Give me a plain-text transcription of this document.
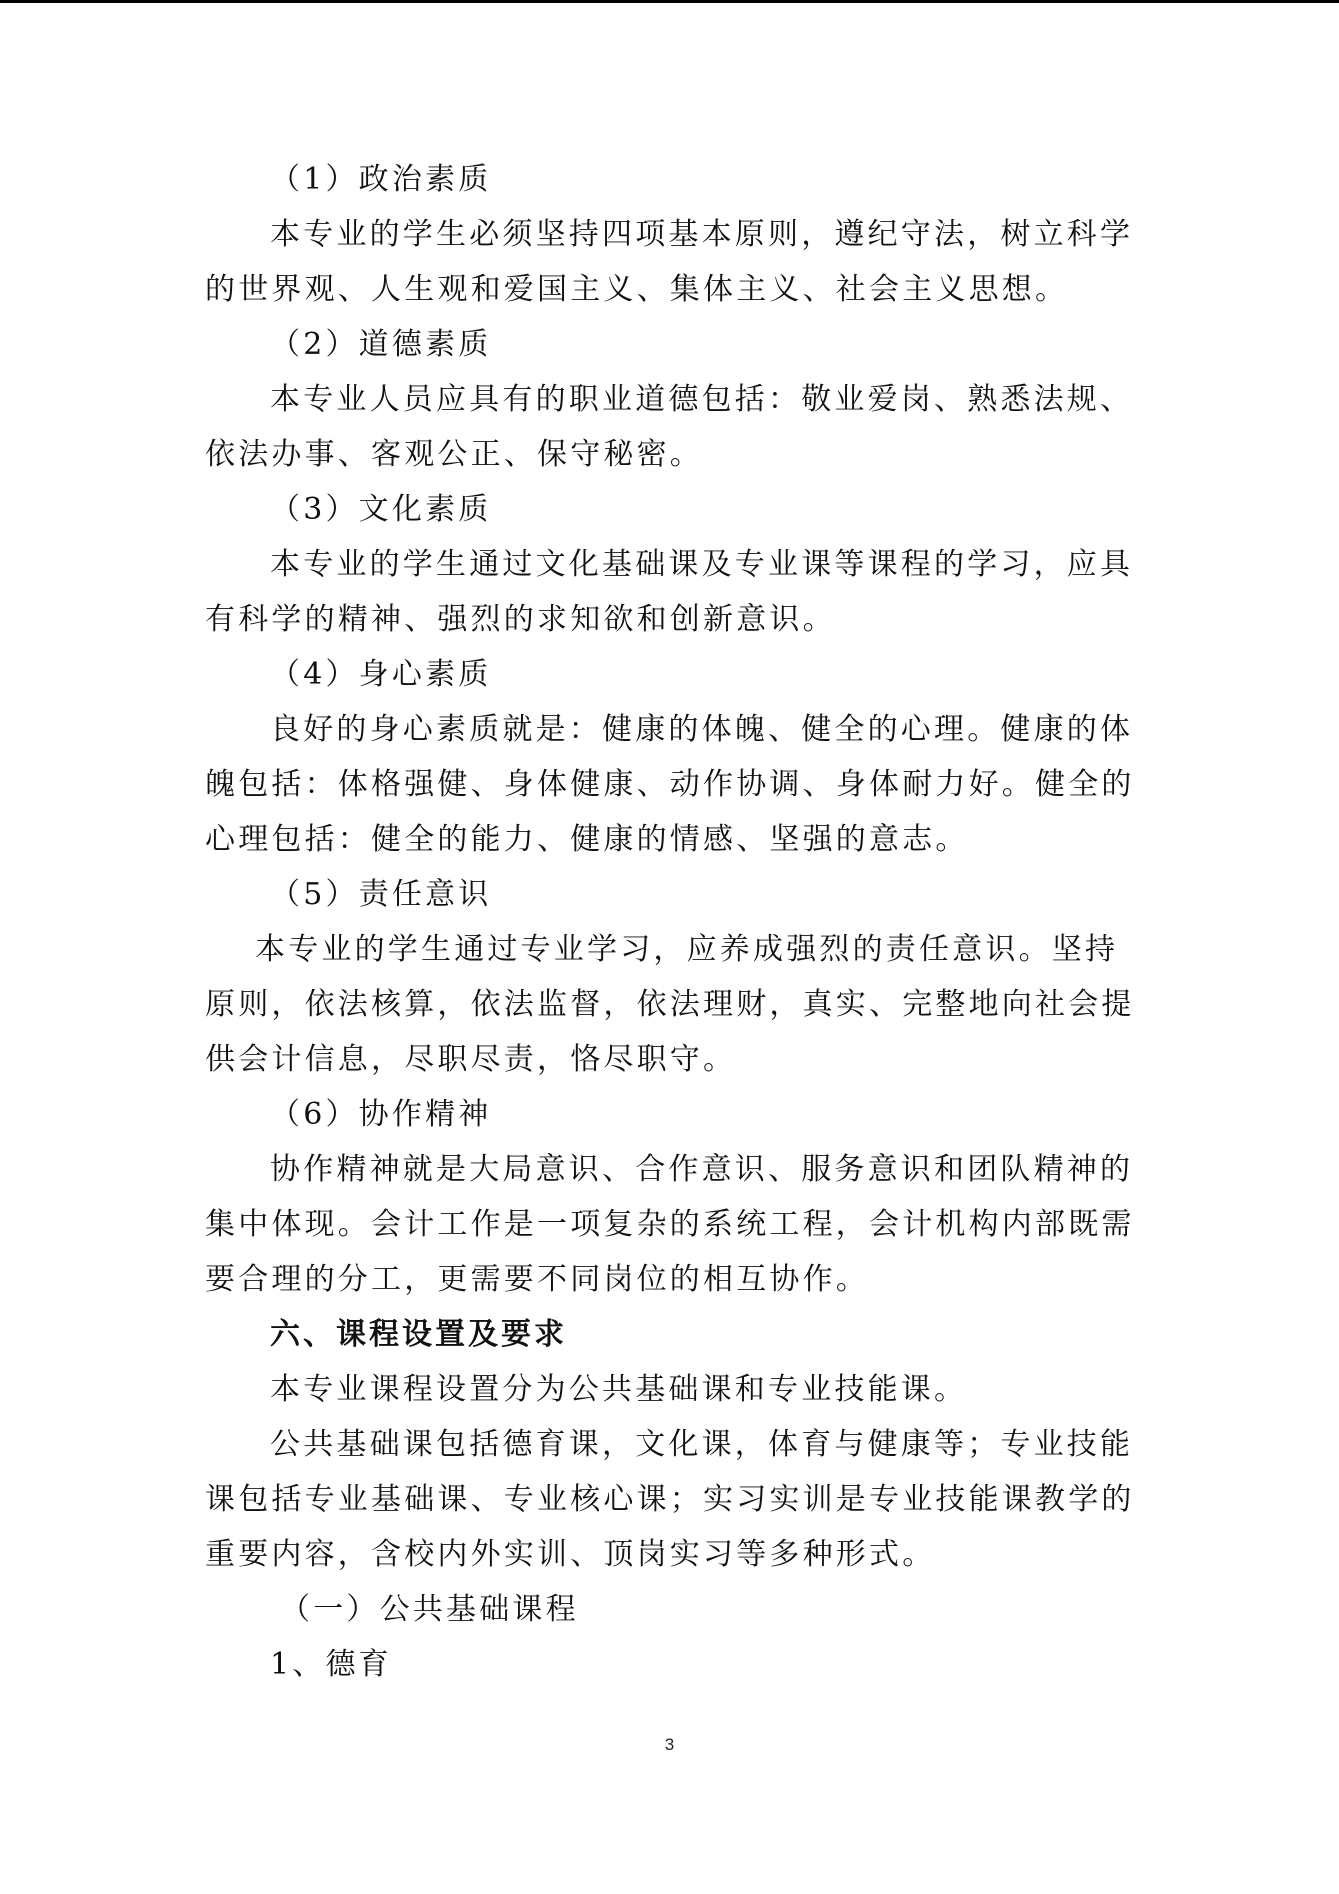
（1）政治素质
本专业的学生必须坚持四项基本原则，遵纪守法，树立科学
的世界观、人生观和爱国主义、集体主义、社会主义思想。
（2）道德素质
本专业人员应具有的职业道德包括：敬业爱岗、熟悉法规、
依法办事、客观公正、保守秘密。
（3）文化素质
本专业的学生通过文化基础课及专业课等课程的学习，应具
有科学的精神、强烈的求知欲和创新意识。
（4）身心素质
良好的身心素质就是：健康的体魄、健全的心理。健康的体
魄包括：体格强健、身体健康、动作协调、身体耐力好。健全的
心理包括：健全的能力、健康的情感、坚强的意志。
（5）责任意识
本专业的学生通过专业学习，应养成强烈的责任意识。坚持
原则，依法核算，依法监督，依法理财，真实、完整地向社会提
供会计信息，尽职尽责，恪尽职守。
（6）协作精神
协作精神就是大局意识、合作意识、服务意识和团队精神的
集中体现。会计工作是一项复杂的系统工程，会计机构内部既需
要合理的分工，更需要不同岗位的相互协作。
六、课程设置及要求
本专业课程设置分为公共基础课和专业技能课。
公共基础课包括德育课，文化课，体育与健康等；专业技能
课包括专业基础课、专业核心课；实习实训是专业技能课教学的
重要内容，含校内外实训、顶岗实习等多种形式。
（一）公共基础课程
1、德育
3
